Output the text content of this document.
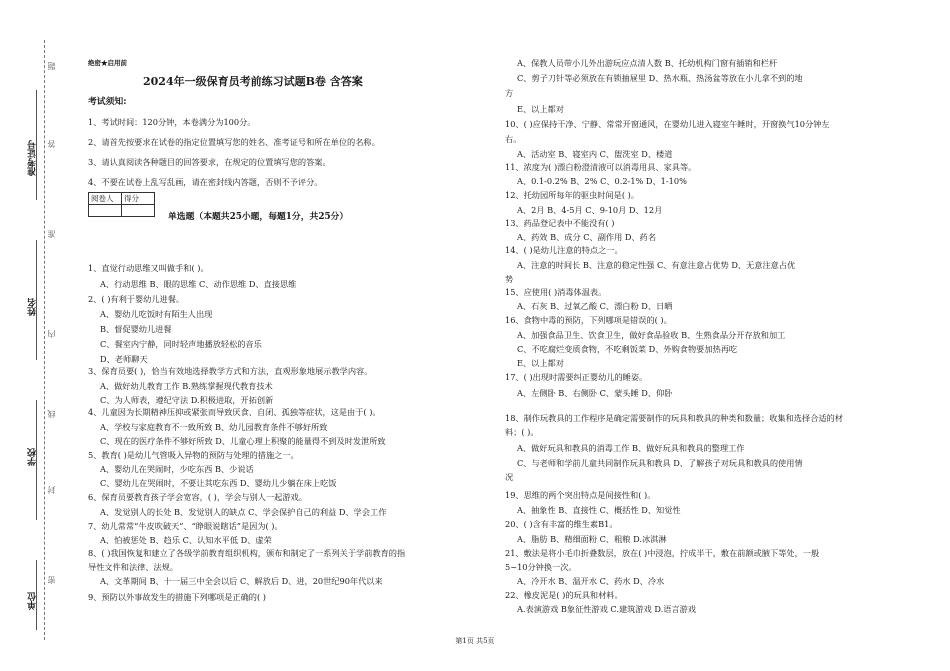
准考证号
姓名
学校
单位
题
答
准
内
线
封
密
绝密★启用前
2024年一级保育员考前练习试题B卷 含答案
考试须知:
1、考试时间：120分钟，本卷满分为100分。
2、请首先按要求在试卷的指定位置填写您的姓名、准考证号和所在单位的名称。
3、请认真阅读各种题目的回答要求，在规定的位置填写您的答案。
4、不要在试卷上乱写乱画，请在密封线内答题，否则不予评分。
阅卷人	得分

单选题（本题共25小题，每题1分，共25分）
1、直觉行动思维又叫做手和( )。
A、行动思维 B、眼的思维 C、动作思维 D、直接思维
2、( )有利于婴幼儿进餐。
A、婴幼儿吃饭时有陌生人出现
B、督促婴幼儿进餐
C、餐室内宁静，同时轻声地播放轻松的音乐
D、老师聊天
3、保育员要( )，恰当有效地选择教学方式和方法，直观形象地展示教学内容。
A、做好幼儿教育工作 B.熟练掌握现代教育技术
C、为人师表，遵纪守法 D.积极进取，开拓创新
4、儿童因为长期精神压抑或紧张而导致厌食、自闭、孤独等症状，这是由于( )。
A、学校与家庭教育不一致所致 B、幼儿园教育条件不够好所致
C、现在的医疗条件不够好所致 D、儿童心理上积聚的能量得不到及时发泄所致
5、教育( )是幼儿气管吸入异物的预防与处理的措施之一。
A、婴幼儿在哭闹时，少吃东西 B、少说话
C、婴幼儿在哭闹时，不要让其吃东西 D、婴幼儿少躺在床上吃饭
6、保育员要教育孩子学会宽容，( )，学会与别人一起游戏。
A、发觉别人的长处 B、发觉别人的缺点 C、学会保护自己的利益 D、学会工作
7、幼儿常常“牛皮吹破天”、“睁眼说瞎话”是因为( )。
A、怕被惩处 B、趋乐 C、认知水平低 D、虚荣
8、( )我国恢复和建立了各级学前教育组织机构，颁布和制定了一系列关于学前教育的指
导性文件和法律、法规。
A、文革期间 B、十一届三中全会以后 C、解放后 D、进，20世纪90年代以来
9、预防以外事故发生的措施下列哪项是正确的( )
A、保教人员带小儿外出游玩应点清人数 B、托幼机构门窗有插销和栏杆
C、剪子刀针等必须放在有锁抽屉里 D、热水瓶、热汤盆等放在小儿拿不到的地
方
E、以上都对
10、( )应保持干净、宁静、常常开窗通风，在婴幼儿进入寝室午睡时，开窗换气10分钟左
右。
A、活动室 B、寝室内 C、盥洗室 D、楼道
11、浓度为( )漂白粉澄清液可以消毒用具、家具等。
A、0.1-0.2% B、2% C、0.2-1% D、1-10%
12、托幼园所每年的驱虫时间是( )。
A、2月 B、4-5月 C、9-10月 D、12月
13、药品登记表中不能没有( )
A、药效 B、成分 C、副作用 D、药名
14、( )是幼儿注意的特点之一。
A、注意的时间长 B、注意的稳定性强 C、有意注意占优势 D、无意注意占优
势
15、应使用( )消毒体温表。
A、石灰 B、过氧乙酸 C、漂白粉 D、日晒
16、食物中毒的预防，下列哪项是错误的( )。
A、加强食品卫生、饮食卫生，做好食品验收 B、生熟食品分开存放和加工
C、不吃腐烂变质食物，不吃剩饭菜 D、外购食物要加热再吃
E、以上都对
17、( )出现时需要纠正婴幼儿的睡姿。
A、左侧卧 B、右侧卧 C、蒙头睡 D、仰卧
18、制作玩教具的工作程序是确定需要制作的玩具和教具的种类和数量；收集和选择合适的材
料；( )。
A、做好玩具和教具的消毒工作 B、做好玩具和教具的整理工作
C、与老师和学前儿童共同制作玩具和教具 D、了解孩子对玩具和教具的使用情
况
19、思维的两个突出特点是间接性和( )。
A、抽象性 B、直接性 C、概括性 D、知觉性
20、( )含有丰富的维生素B1。
A、脂肪 B、精细面粉 C、粗粮 D.冰淇淋
21、敷法是将小毛巾折叠数层，放在( )中浸泡，拧成半干，敷在前额或腋下等处，一般
5~10分钟换一次。
A、冷开水 B、温开水 C、药水 D、冷水
22、橡皮泥是( )的玩具和材料。
A.表演游戏 B象征性游戏 C.建筑游戏 D.语言游戏
第1页 共5页
